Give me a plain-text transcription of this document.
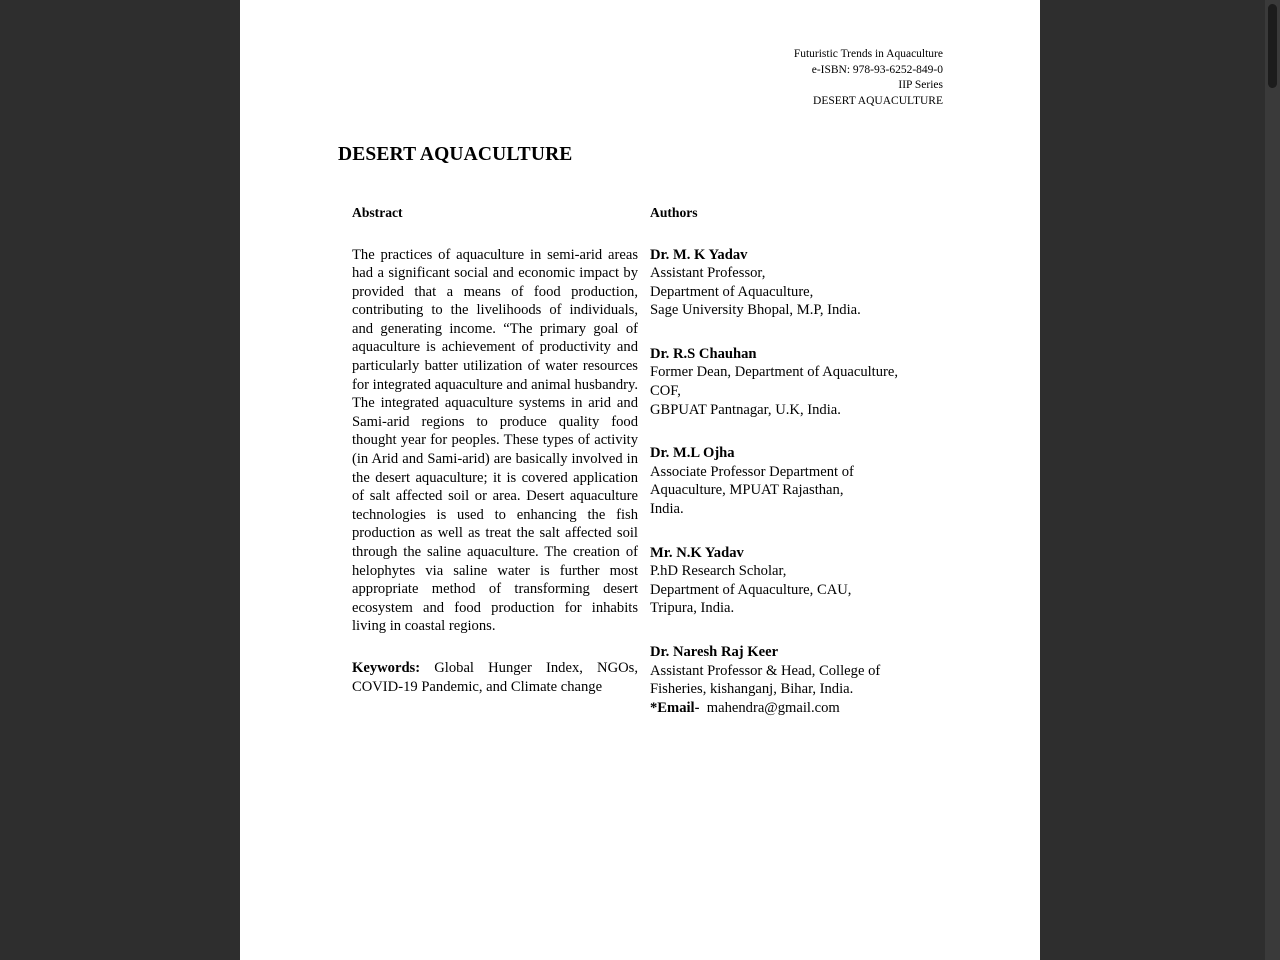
Futuristic Trends in Aquaculture
e-ISBN: 978-93-6252-849-0
IIP Series
DESERT AQUACULTURE
DESERT AQUACULTURE
Abstract

The practices of aquaculture in semi-arid areas had a significant social and economic impact by provided that a means of food production, contributing to the livelihoods of individuals, and generating income. “The primary goal of aquaculture is achievement of productivity and particularly batter utilization of water resources for integrated aquaculture and animal husbandry. The integrated aquaculture systems in arid and Sami-arid regions to produce quality food thought year for peoples. These types of activity (in Arid and Sami-arid) are basically involved in the desert aquaculture; it is covered application of salt affected soil or area. Desert aquaculture technologies is used to enhancing the fish production as well as treat the salt affected soil through the saline aquaculture. The creation of helophytes via saline water is further most appropriate method of transforming desert ecosystem and food production for inhabits living in coastal regions.

Keywords: Global Hunger Index, NGOs, COVID-19 Pandemic, and Climate change

Authors

Dr. M. K Yadav

Assistant Professor,

Department of Aquaculture,

Sage University Bhopal, M.P, India.

Dr. R.S Chauhan

Former Dean, Department of Aquaculture,

COF,

GBPUAT Pantnagar, U.K, India.

Dr. M.L Ojha

Associate Professor Department of

Aquaculture, MPUAT Rajasthan,

India.

Mr. N.K Yadav

P.hD Research Scholar,

Department of Aquaculture, CAU,

Tripura, India.

Dr. Naresh Raj Keer

Assistant Professor & Head, College of

Fisheries, kishanganj, Bihar, India.

*Email- mahendra@gmail.com
